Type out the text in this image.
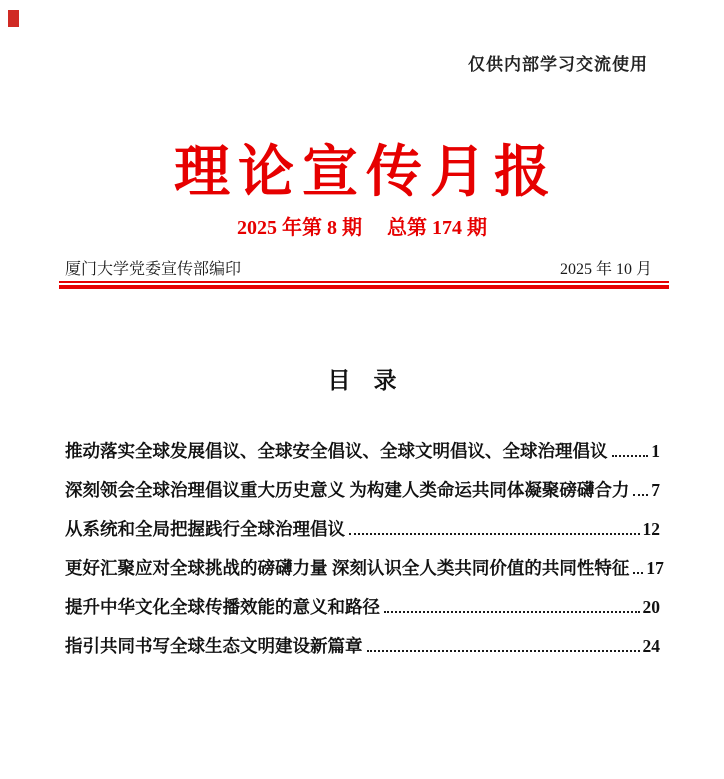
仅供内部学习交流使用
理论宣传月报
2025 年第 8 期　 总第 174 期
厦门大学党委宣传部编印	2025 年 10 月
目　录
推动落实全球发展倡议、全球安全倡议、全球文明倡议、全球治理倡议	1
深刻领会全球治理倡议重大历史意义 为构建人类命运共同体凝聚磅礴合力 7
从系统和全局把握践行全球治理倡议	12
更好汇聚应对全球挑战的磅礴力量 深刻认识全人类共同价值的共同性特征 17
提升中华文化全球传播效能的意义和路径	20
指引共同书写全球生态文明建设新篇章	24
